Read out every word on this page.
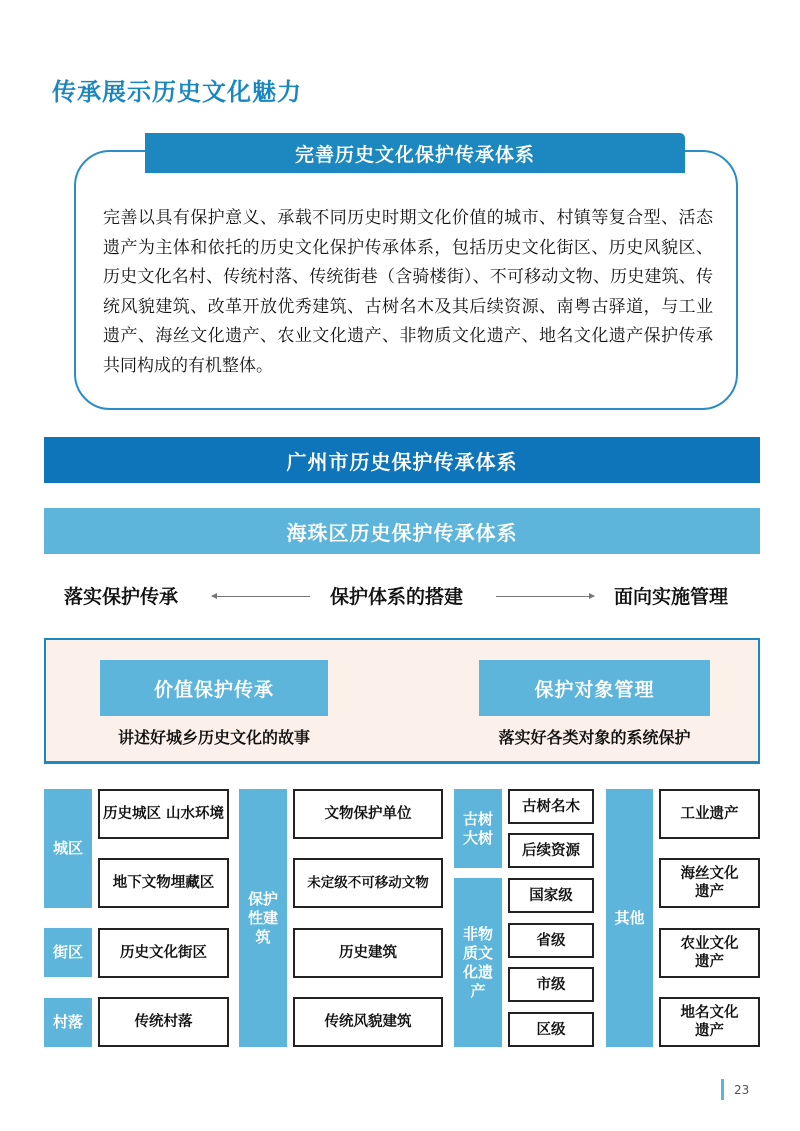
传承展示历史文化魅力
完善历史文化保护传承体系
完善以具有保护意义、承载不同历史时期文化价值的城市、村镇等复合型、活态遗产为主体和依托的历史文化保护传承体系，包括历史文化街区、历史风貌区、历史文化名村、传统村落、传统街巷（含骑楼街）、不可移动文物、历史建筑、传统风貌建筑、改革开放优秀建筑、古树名木及其后续资源、南粤古驿道，与工业遗产、海丝文化遗产、农业文化遗产、非物质文化遗产、地名文化遗产保护传承共同构成的有机整体。
广州市历史保护传承体系
海珠区历史保护传承体系
落实保护传承	保护体系的搭建	面向实施管理
价值保护传承
讲述好城乡历史文化的故事
保护对象管理
落实好各类对象的系统保护
城区
历史城区 山水环境
地下文物埋藏区
街区	历史文化街区
村落	传统村落
保护性建筑
文物保护单位
未定级不可移动文物
历史建筑
传统风貌建筑
古树大树
古树名木
后续资源
非物质文化遗产
国家级
省级
市级
区级
其他
工业遗产
海丝文化遗产
农业文化遗产
地名文化遗产
23
